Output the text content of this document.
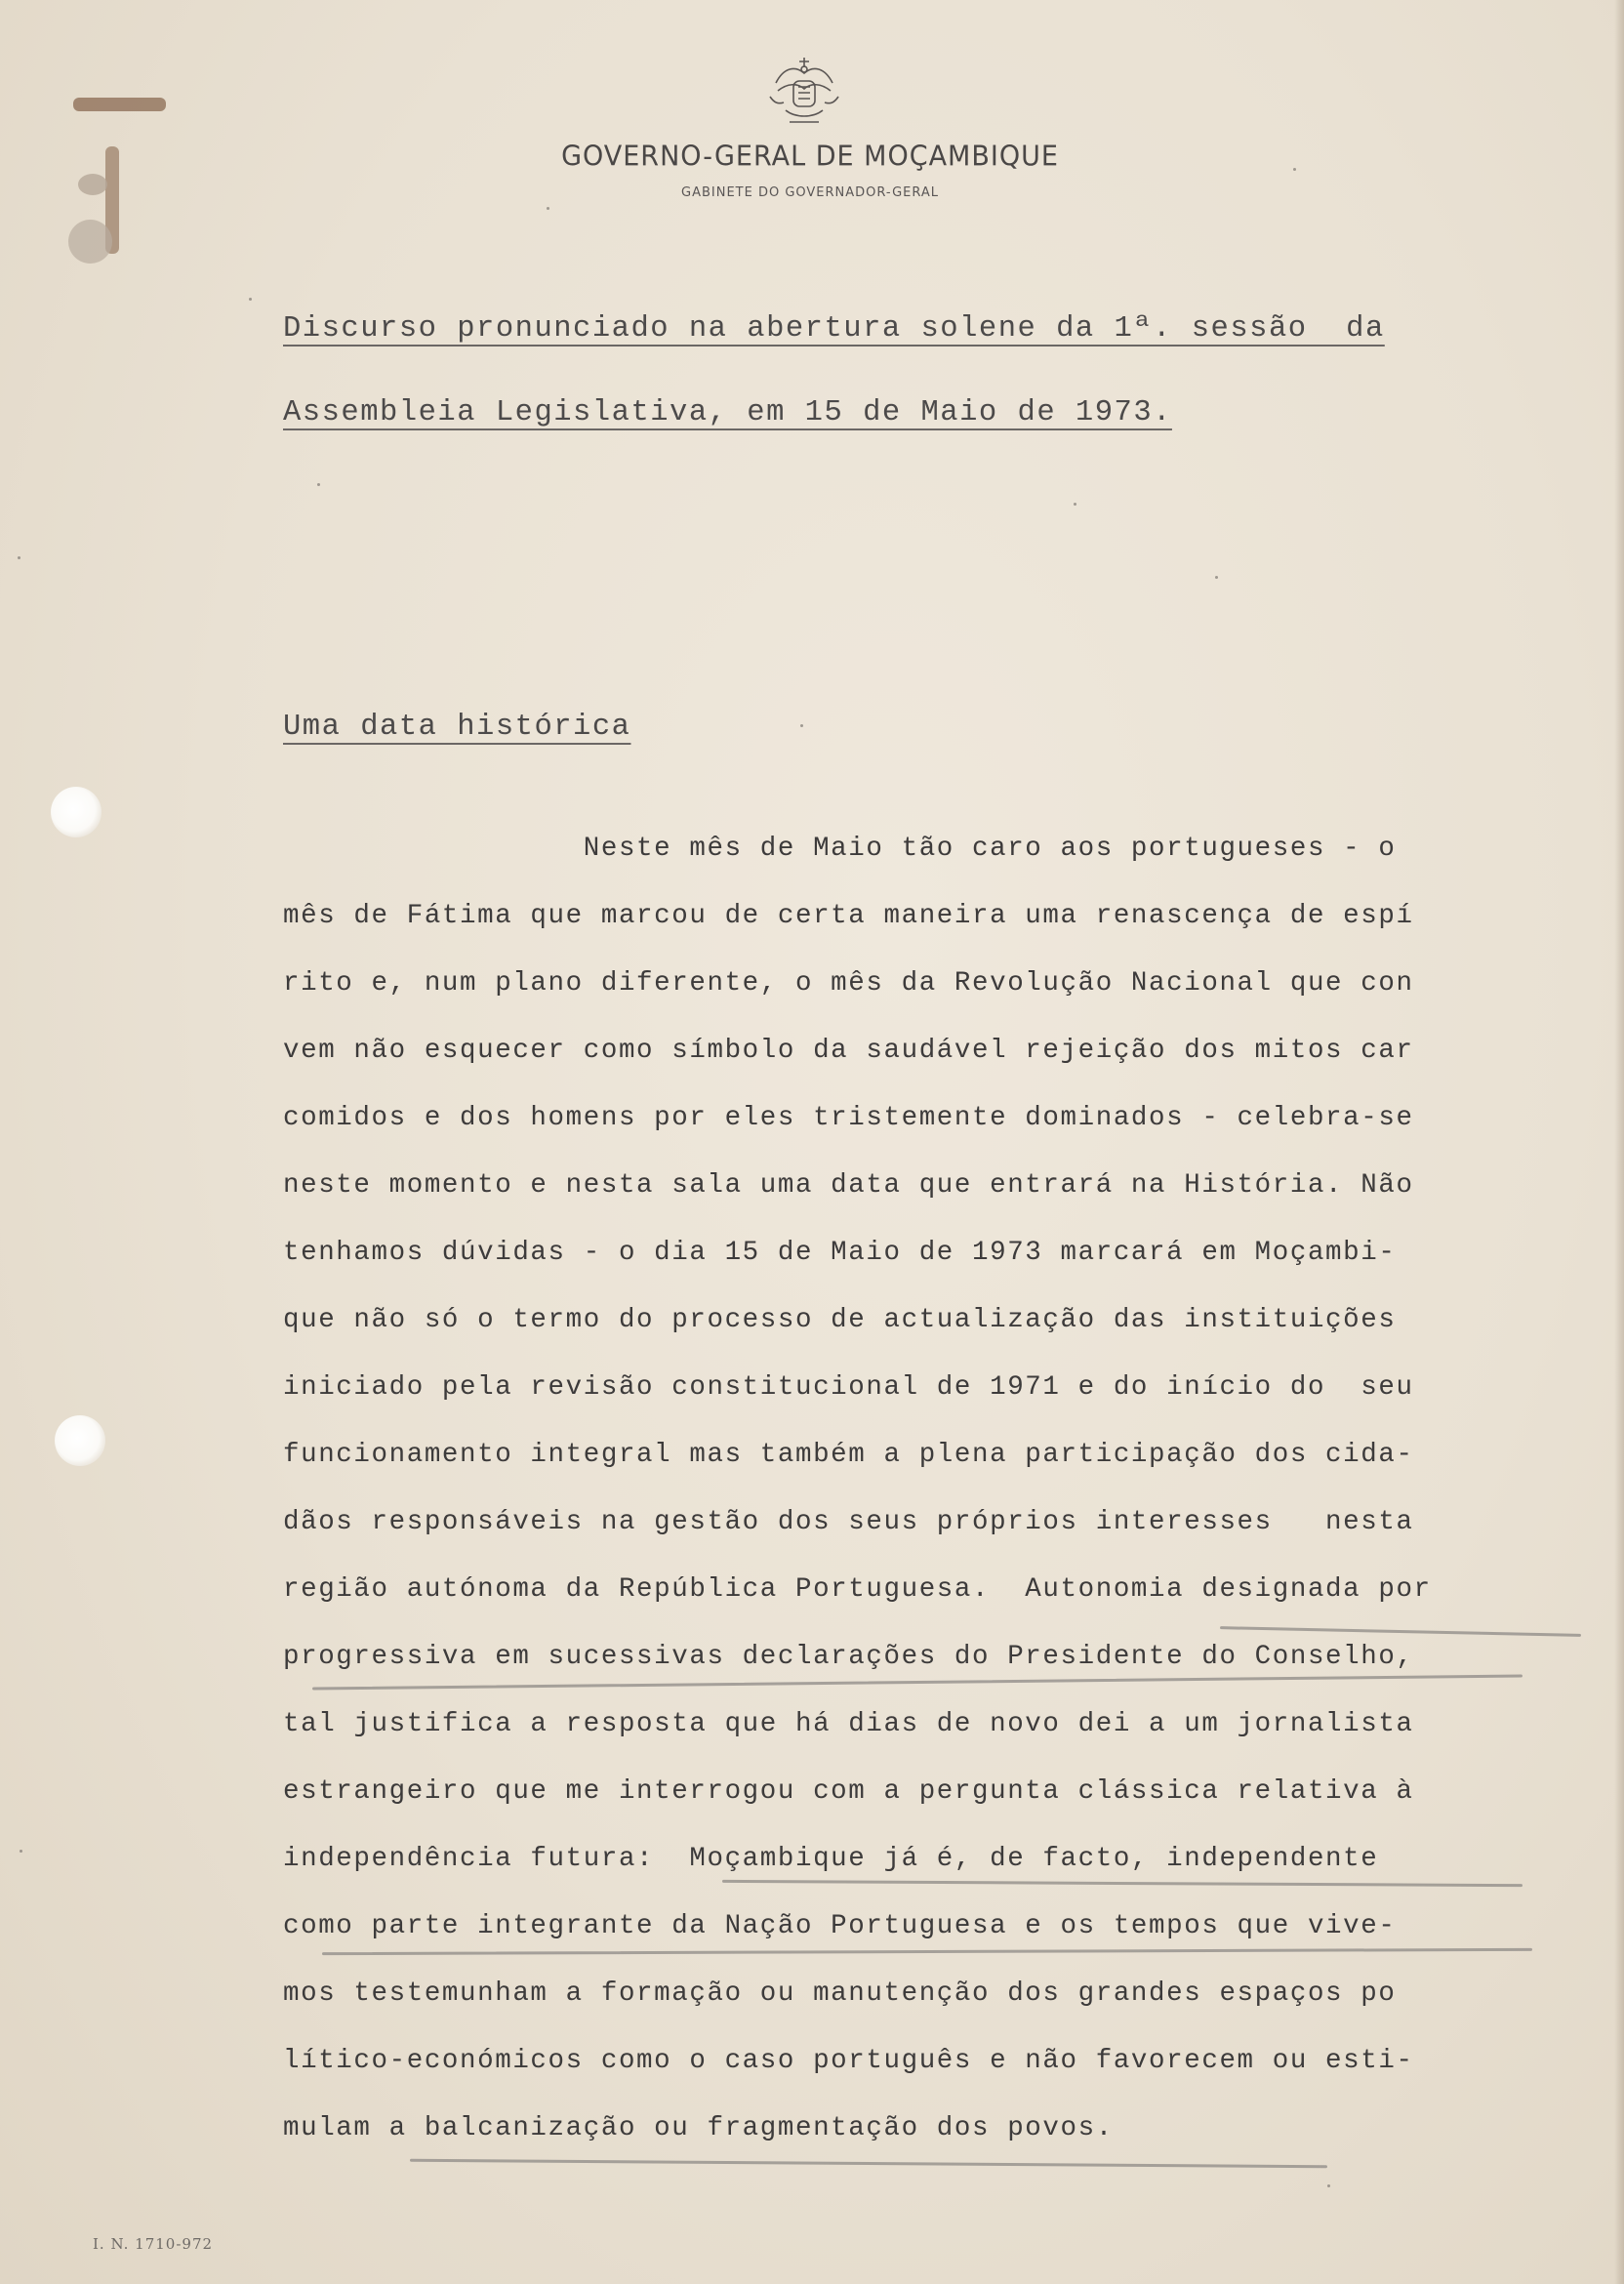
GOVERNO-GERAL DE MOÇAMBIQUE
GABINETE DO GOVERNADOR-GERAL
Discurso pronunciado na abertura solene da 1ª. sessão  da
Assembleia Legislativa, em 15 de Maio de 1973.
Uma data histórica
Neste mês de Maio tão caro aos portugueses - o
mês de Fátima que marcou de certa maneira uma renascença de espí
rito e, num plano diferente, o mês da Revolução Nacional que con
vem não esquecer como símbolo da saudável rejeição dos mitos car
comidos e dos homens por eles tristemente dominados - celebra-se
neste momento e nesta sala uma data que entrará na História. Não
tenhamos dúvidas - o dia 15 de Maio de 1973 marcará em Moçambi-
que não só o termo do processo de actualização das instituições
iniciado pela revisão constitucional de 1971 e do início do  seu
funcionamento integral mas também a plena participação dos cida-
dãos responsáveis na gestão dos seus próprios interesses   nesta
região autónoma da República Portuguesa.  Autonomia designada por
progressiva em sucessivas declarações do Presidente do Conselho,
tal justifica a resposta que há dias de novo dei a um jornalista
estrangeiro que me interrogou com a pergunta clássica relativa à
independência futura:  Moçambique já é, de facto, independente
como parte integrante da Nação Portuguesa e os tempos que vive-
mos testemunham a formação ou manutenção dos grandes espaços po
lítico-económicos como o caso português e não favorecem ou esti-
mulam a balcanização ou fragmentação dos povos.
I. N. 1710-972
